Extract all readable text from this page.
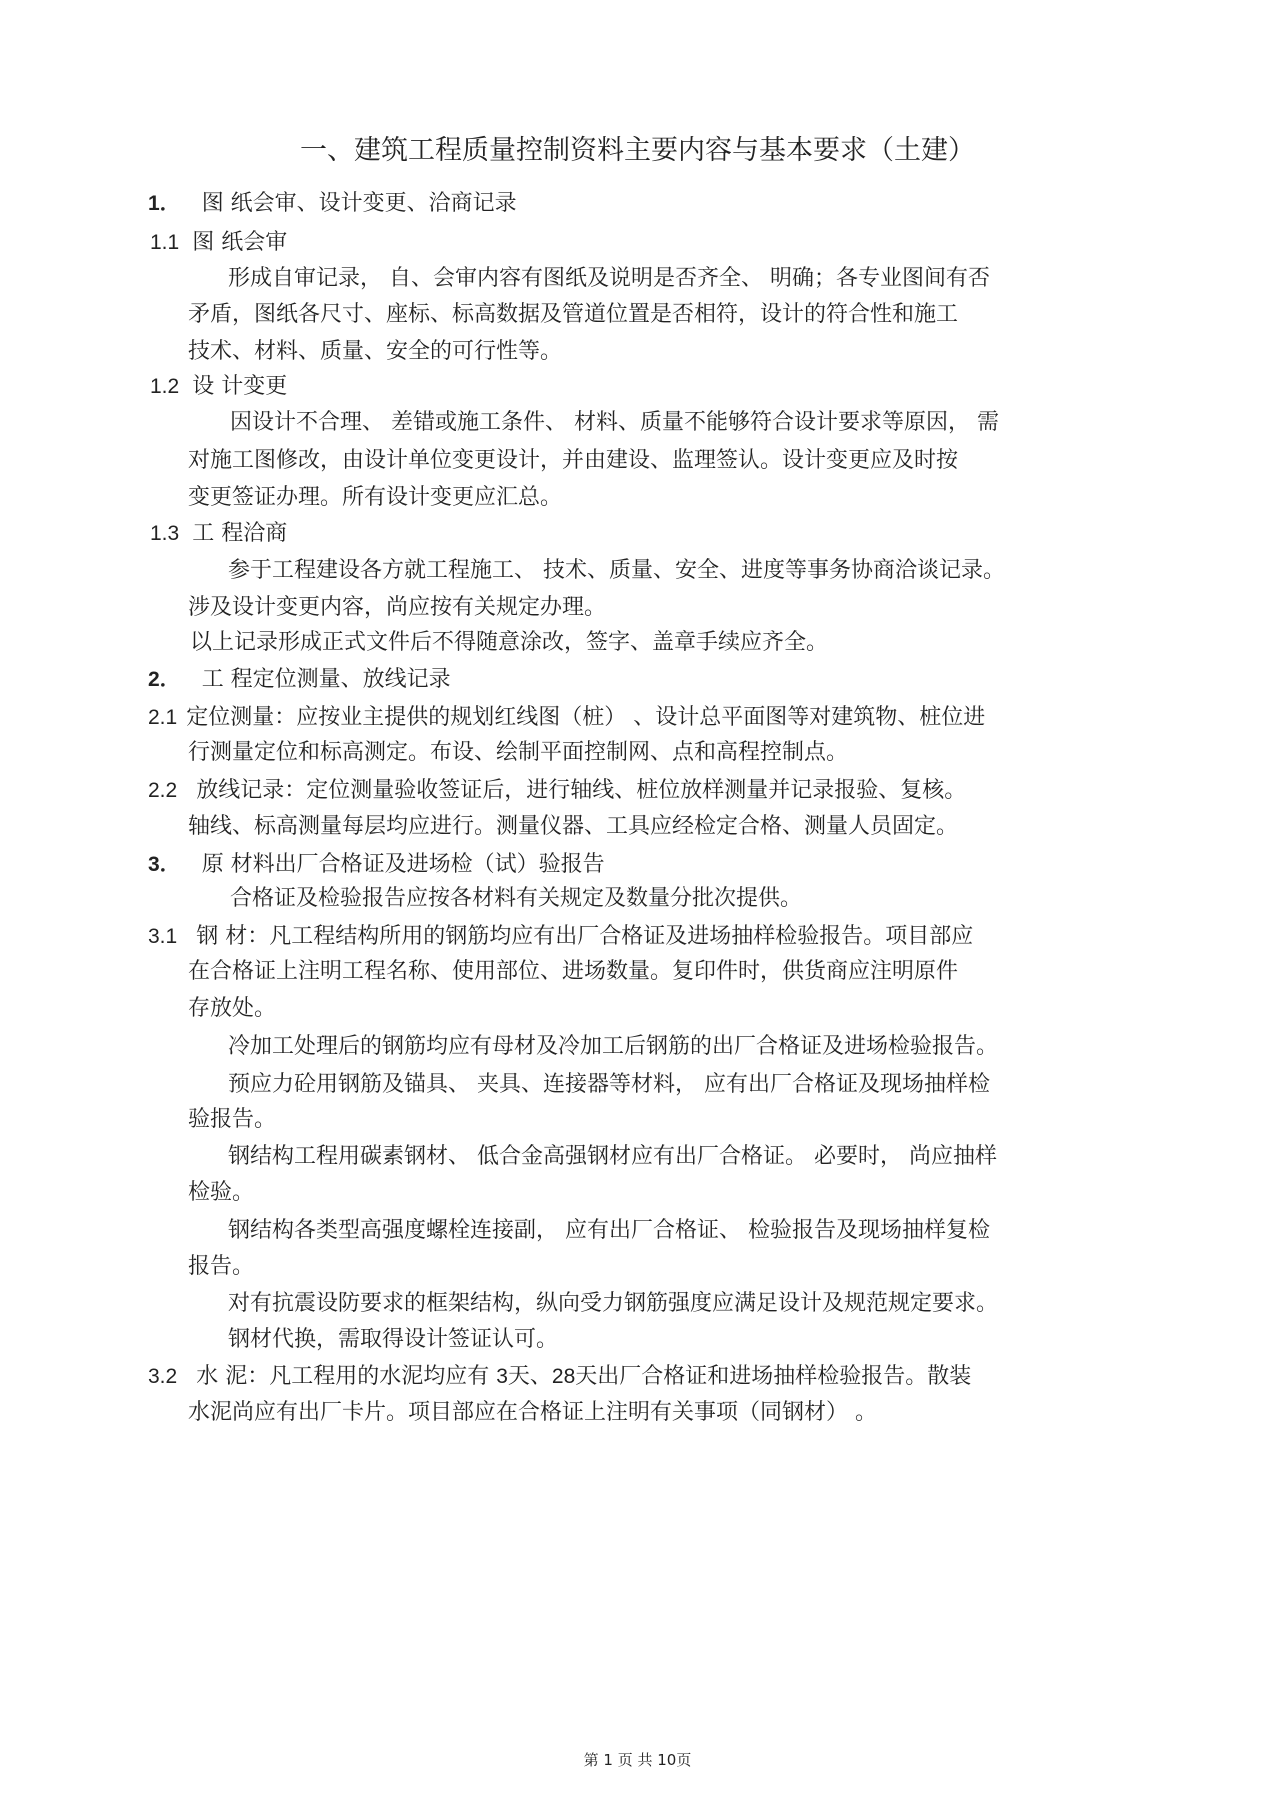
一、建筑工程质量控制资料主要内容与基本要求（土建）
1． 图 纸会审、设计变更、洽商记录
1.1 图 纸会审
形成自审记录， 自、会审内容有图纸及说明是否齐全、 明确；各专业图间有否
矛盾，图纸各尺寸、座标、标高数据及管道位置是否相符，设计的符合性和施工
技术、材料、质量、安全的可行性等。
1.2 设 计变更
因设计不合理、 差错或施工条件、 材料、质量不能够符合设计要求等原因， 需
对施工图修改，由设计单位变更设计，并由建设、监理签认。设计变更应及时按
变更签证办理。所有设计变更应汇总。
1.3 工 程洽商
参于工程建设各方就工程施工、 技术、质量、安全、进度等事务协商洽谈记录。
涉及设计变更内容，尚应按有关规定办理。
以上记录形成正式文件后不得随意涂改，签字、盖章手续应齐全。
2． 工 程定位测量、放线记录
2.1 定位测量：应按业主提供的规划红线图（桩） 、设计总平面图等对建筑物、桩位进
行测量定位和标高测定。布设、绘制平面控制网、点和高程控制点。
2.2 放线记录：定位测量验收签证后，进行轴线、桩位放样测量并记录报验、复核。
轴线、标高测量每层均应进行。测量仪器、工具应经检定合格、测量人员固定。
3． 原 材料出厂合格证及进场检（试）验报告
合格证及检验报告应按各材料有关规定及数量分批次提供。
3.1 钢 材：凡工程结构所用的钢筋均应有出厂合格证及进场抽样检验报告。项目部应
在合格证上注明工程名称、使用部位、进场数量。复印件时，供货商应注明原件
存放处。
冷加工处理后的钢筋均应有母材及冷加工后钢筋的出厂合格证及进场检验报告。
预应力砼用钢筋及锚具、 夹具、连接器等材料， 应有出厂合格证及现场抽样检
验报告。
钢结构工程用碳素钢材、 低合金高强钢材应有出厂合格证。 必要时， 尚应抽样
检验。
钢结构各类型高强度螺栓连接副， 应有出厂合格证、 检验报告及现场抽样复检
报告。
对有抗震设防要求的框架结构，纵向受力钢筋强度应满足设计及规范规定要求。
钢材代换，需取得设计签证认可。
3.2 水 泥：凡工程用的水泥均应有 3天、28天出厂合格证和进场抽样检验报告。散装
水泥尚应有出厂卡片。项目部应在合格证上注明有关事项（同钢材） 。
第 1 页 共 10页
